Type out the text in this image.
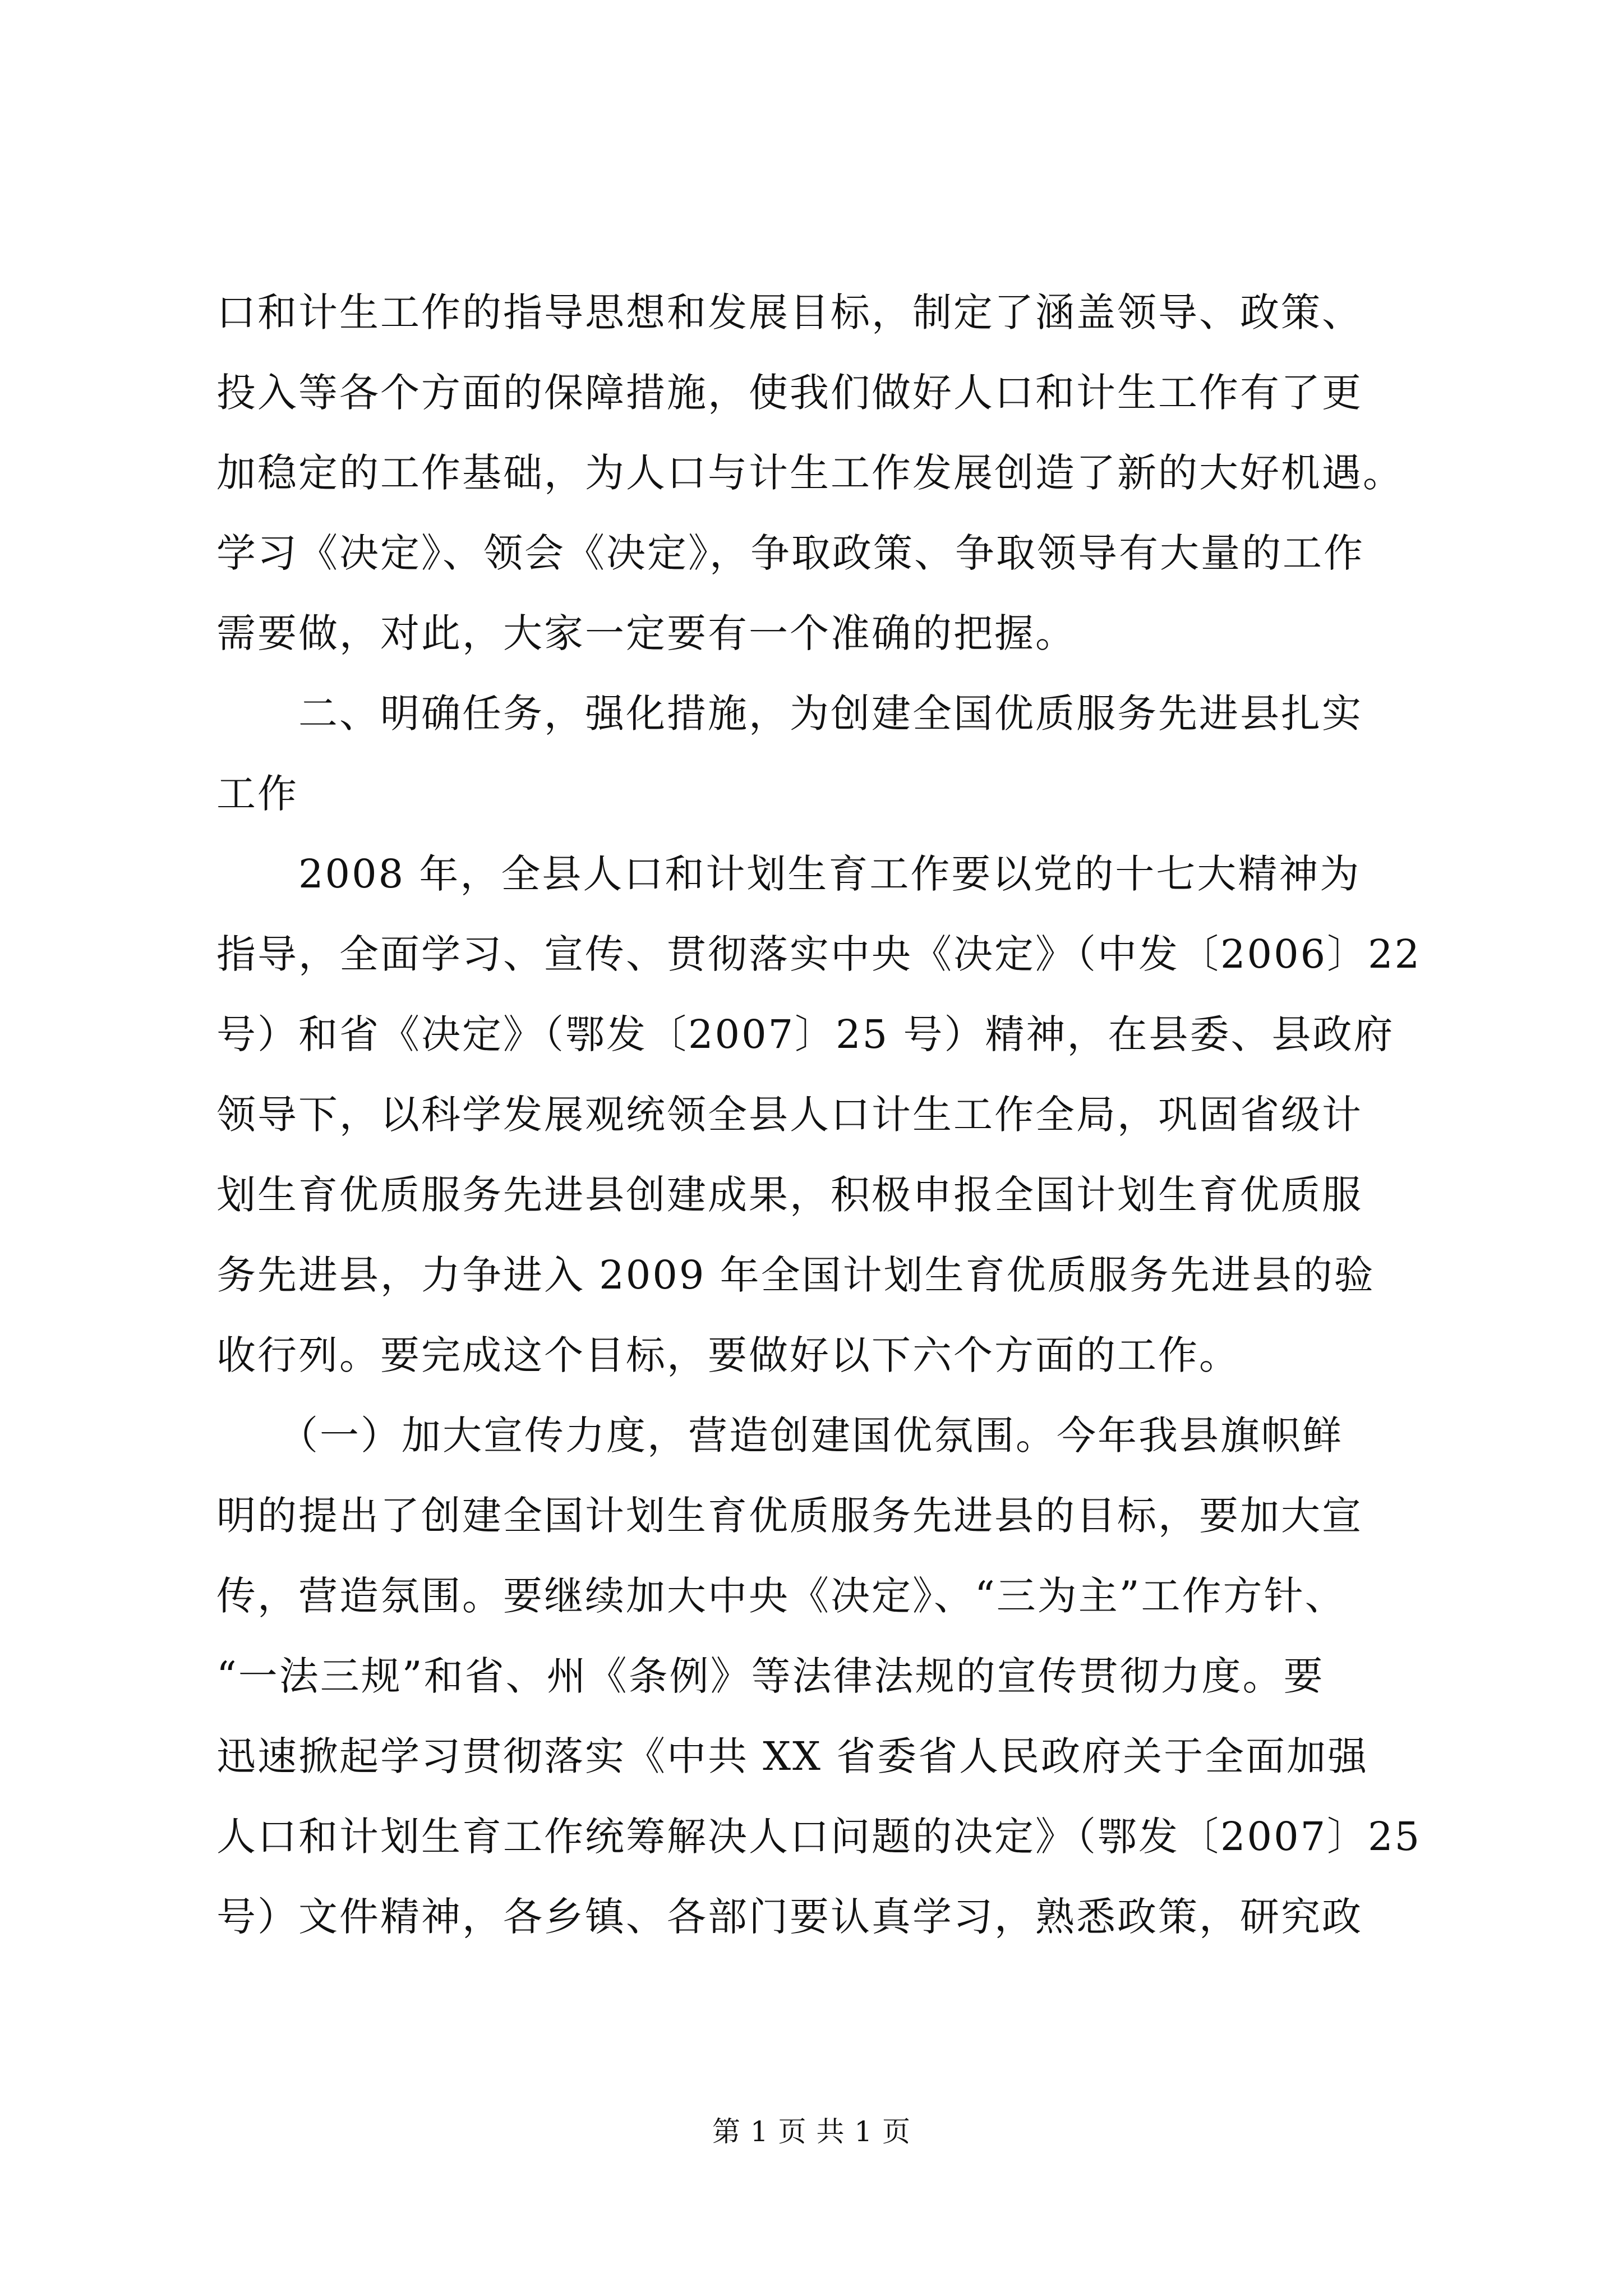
口和计生工作的指导思想和发展目标，制定了涵盖领导、政策、
投入等各个方面的保障措施，使我们做好人口和计生工作有了更
加稳定的工作基础，为人口与计生工作发展创造了新的大好机遇。
学习《决定》、领会《决定》，争取政策、争取领导有大量的工作
需要做，对此，大家一定要有一个准确的把握。
　　二、明确任务，强化措施，为创建全国优质服务先进县扎实
工作
　　2008 年，全县人口和计划生育工作要以党的十七大精神为
指导，全面学习、宣传、贯彻落实中央《决定》（中发〔2006〕22
号）和省《决定》（鄂发〔2007〕25 号）精神，在县委、县政府
领导下，以科学发展观统领全县人口计生工作全局，巩固省级计
划生育优质服务先进县创建成果，积极申报全国计划生育优质服
务先进县，力争进入 2009 年全国计划生育优质服务先进县的验
收行列。要完成这个目标，要做好以下六个方面的工作。
　　（一）加大宣传力度，营造创建国优氛围。今年我县旗帜鲜
明的提出了创建全国计划生育优质服务先进县的目标，要加大宣
传，营造氛围。要继续加大中央《决定》、“三为主”工作方针、
“一法三规”和省、州《条例》等法律法规的宣传贯彻力度。要
迅速掀起学习贯彻落实《中共 XX 省委省人民政府关于全面加强
人口和计划生育工作统筹解决人口问题的决定》（鄂发〔2007〕25
号）文件精神，各乡镇、各部门要认真学习，熟悉政策，研究政
第 1 页 共 1 页
